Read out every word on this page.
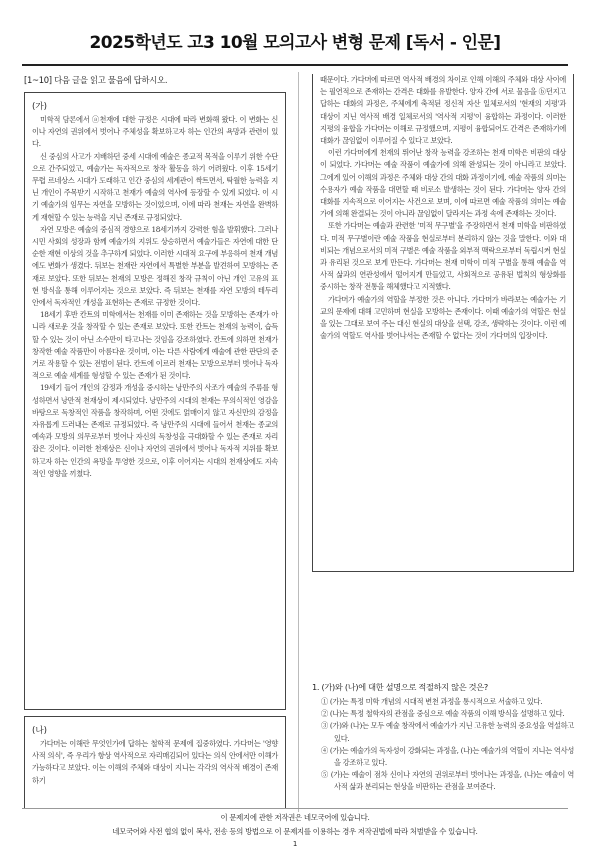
2025학년도 고3 10월 모의고사 변형 문제 [독서 - 인문]
[1~10] 다음 글을 읽고 물음에 답하시오.
(가)

미학적 담론에서 ⓐ천재에 대한 규정은 시대에 따라 변화해 왔다. 이 변화는 신이나 자연의 권위에서 벗어나 주체성을 확보하고자 하는 인간의 욕망과 관련이 있다.

신 중심의 사고가 지배하던 중세 시대에 예술은 종교적 목적을 이루기 위한 수단으로 간주되었고, 예술가는 독자적으로 창작 활동을 하기 어려웠다. 이후 15세기 무렵 르네상스 시대가 도래하고 인간 중심의 세계관이 싹트면서, 탁월한 능력을 지닌 개인이 주목받기 시작하고 천재가 예술의 역사에 등장할 수 있게 되었다. 이 시기 예술가의 임무는 자연을 모방하는 것이었으며, 이에 따라 천재는 자연을 완벽하게 재현할 수 있는 능력을 지닌 존재로 규정되었다.

자연 모방은 예술의 중심적 경향으로 18세기까지 강력한 힘을 발휘했다. 그러나 시민 사회의 성장과 함께 예술가의 지위도 상승하면서 예술가들은 자연에 대한 단순한 재현 이상의 것을 추구하게 되었다. 이러한 시대적 요구에 부응하여 천재 개념에도 변화가 생겼다. 뒤보는 천재란 자연에서 특별한 부분을 발견하여 모방하는 존재로 보았다. 또한 뒤보는 천재의 모방은 정해진 창작 규칙이 아닌 개인 고유의 표현 방식을 통해 이루어지는 것으로 보았다. 즉 뒤보는 천재를 자연 모방의 테두리 안에서 독자적인 개성을 표현하는 존재로 규정한 것이다.

18세기 후반 칸트의 미학에서는 천재를 이미 존재하는 것을 모방하는 존재가 아니라 새로운 것을 창작할 수 있는 존재로 보았다. 또한 칸트는 천재의 능력이, 습득할 수 있는 것이 아닌 소수만이 타고나는 것임을 강조하였다. 칸트에 의하면 천재가 창작한 예술 작품만이 아름다운 것이며, 이는 다른 사람에게 예술에 관한 판단의 준거로 작용할 수 있는 전범이 된다. 칸트에 이르러 천재는 모방으로부터 벗어나 독자적으로 예술 세계를 형성할 수 있는 존재가 된 것이다.

19세기 들어 개인의 감정과 개성을 중시하는 낭만주의 사조가 예술의 주류를 형성하면서 낭만적 천재상이 제시되었다. 낭만주의 시대의 천재는 무의식적인 영감을 바탕으로 독창적인 작품을 창작하며, 어떤 것에도 얽매이지 않고 자신만의 감정을 자유롭게 드러내는 존재로 규정되었다. 즉 낭만주의 시대에 들어서 천재는 종교의 예속과 모방의 의무로부터 벗어나 자신의 독창성을 극대화할 수 있는 존재로 자리잡은 것이다. 이러한 천재상은 신이나 자연의 권위에서 벗어나 독자적 지위를 확보하고자 하는 인간의 욕망을 투영한 것으로, 이후 이어지는 시대의 천재상에도 지속적인 영향을 끼쳤다.

(나)

가다머는 이해란 무엇인가에 답하는 철학적 문제에 집중하였다. 가다머는 '영향사적 의식', 즉 우리가 항상 역사적으로 자리매김되어 있다는 의식 안에서만 이해가 가능하다고 보았다. 이는 이해의 주체와 대상이 지니는 각각의 역사적 배경이 존재하기

때문이다. 가다머에 따르면 역사적 배경의 차이로 인해 이해의 주체와 대상 사이에는 필연적으로 존재하는 간격은 대화를 유발한다. 양자 간에 서로 물음을 ⓑ던지고 답하는 대화의 과정은, 주체에게 축적된 정신적 자산 일체로서의 '현재의 지평'과 대상이 지닌 역사적 배경 일체로서의 '역사적 지평'이 융합하는 과정이다. 이러한 지평의 융합을 가다머는 이해로 규정했으며, 지평이 융합되어도 간격은 존재하기에 대화가 끊임없이 이루어질 수 있다고 보았다.

이런 가다머에게 천재의 뛰어난 창작 능력을 강조하는 천재 미학은 비판의 대상이 되었다. 가다머는 예술 작품이 예술가에 의해 완성되는 것이 아니라고 보았다. 그에게 있어 이해의 과정은 주체와 대상 간의 대화 과정이기에, 예술 작품의 의미는 수용자가 예술 작품을 대면할 때 비로소 발생하는 것이 된다. 가다머는 양자 간의 대화를 지속적으로 이어지는 사건으로 보며, 이에 따르면 예술 작품의 의미는 예술가에 의해 완결되는 것이 아니라 끊임없이 달라지는 과정 속에 존재하는 것이다.

또한 가다머는 예술과 관련한 '미적 무구별'을 주장하면서 천재 미학을 비판하였다. 미적 무구별이란 예술 작품을 현실로부터 분리하지 않는 것을 말한다. 이와 대비되는 개념으로서의 미적 구별은 예술 작품을 외부적 맥락으로부터 독립시켜 현실과 유리된 것으로 보게 만든다. 가다머는 천재 미학이 미적 구별을 통해 예술을 역사적 삶과의 연관성에서 떨어지게 만들었고, 사회적으로 공유된 법칙의 형상화를 중시하는 창작 전통을 해체했다고 지적했다.

가다머가 예술가의 역할을 부정한 것은 아니다. 가다머가 바라보는 예술가는 기교의 문제에 대해 고민하며 현실을 모방하는 존재이다. 이때 예술가의 역할은 현실을 있는 그대로 보여 주는 대신 현실의 대상을 선택, 강조, 생략하는 것이다. 이런 예술가의 역할도 역사를 벗어나서는 존재할 수 없다는 것이 가다머의 입장이다.

1. (가)와 (나)에 대한 설명으로 적절하지 않은 것은?
① (가)는 특정 미학 개념의 시대적 변천 과정을 통시적으로 서술하고 있다.
② (나)는 특정 철학자의 관점을 중심으로 예술 작품의 이해 방식을 설명하고 있다.
③ (가)와 (나)는 모두 예술 창작에서 예술가가 지닌 고유한 능력의 중요성을 역설하고 있다.
④ (가)는 예술가의 독자성이 강화되는 과정을, (나)는 예술가의 역할이 지니는 역사성을 강조하고 있다.
⑤ (가)는 예술이 점차 신이나 자연의 권위로부터 벗어나는 과정을, (나)는 예술이 역사적 삶과 분리되는 현상을 비판하는 관점을 보여준다.
이 문제지에 관한 저작권은 네모국어에 있습니다.
네모국어와 사전 협의 없이 복사, 전송 등의 방법으로 이 문제지를 이용하는 경우 저작권법에 따라 처벌받을 수 있습니다.
1
